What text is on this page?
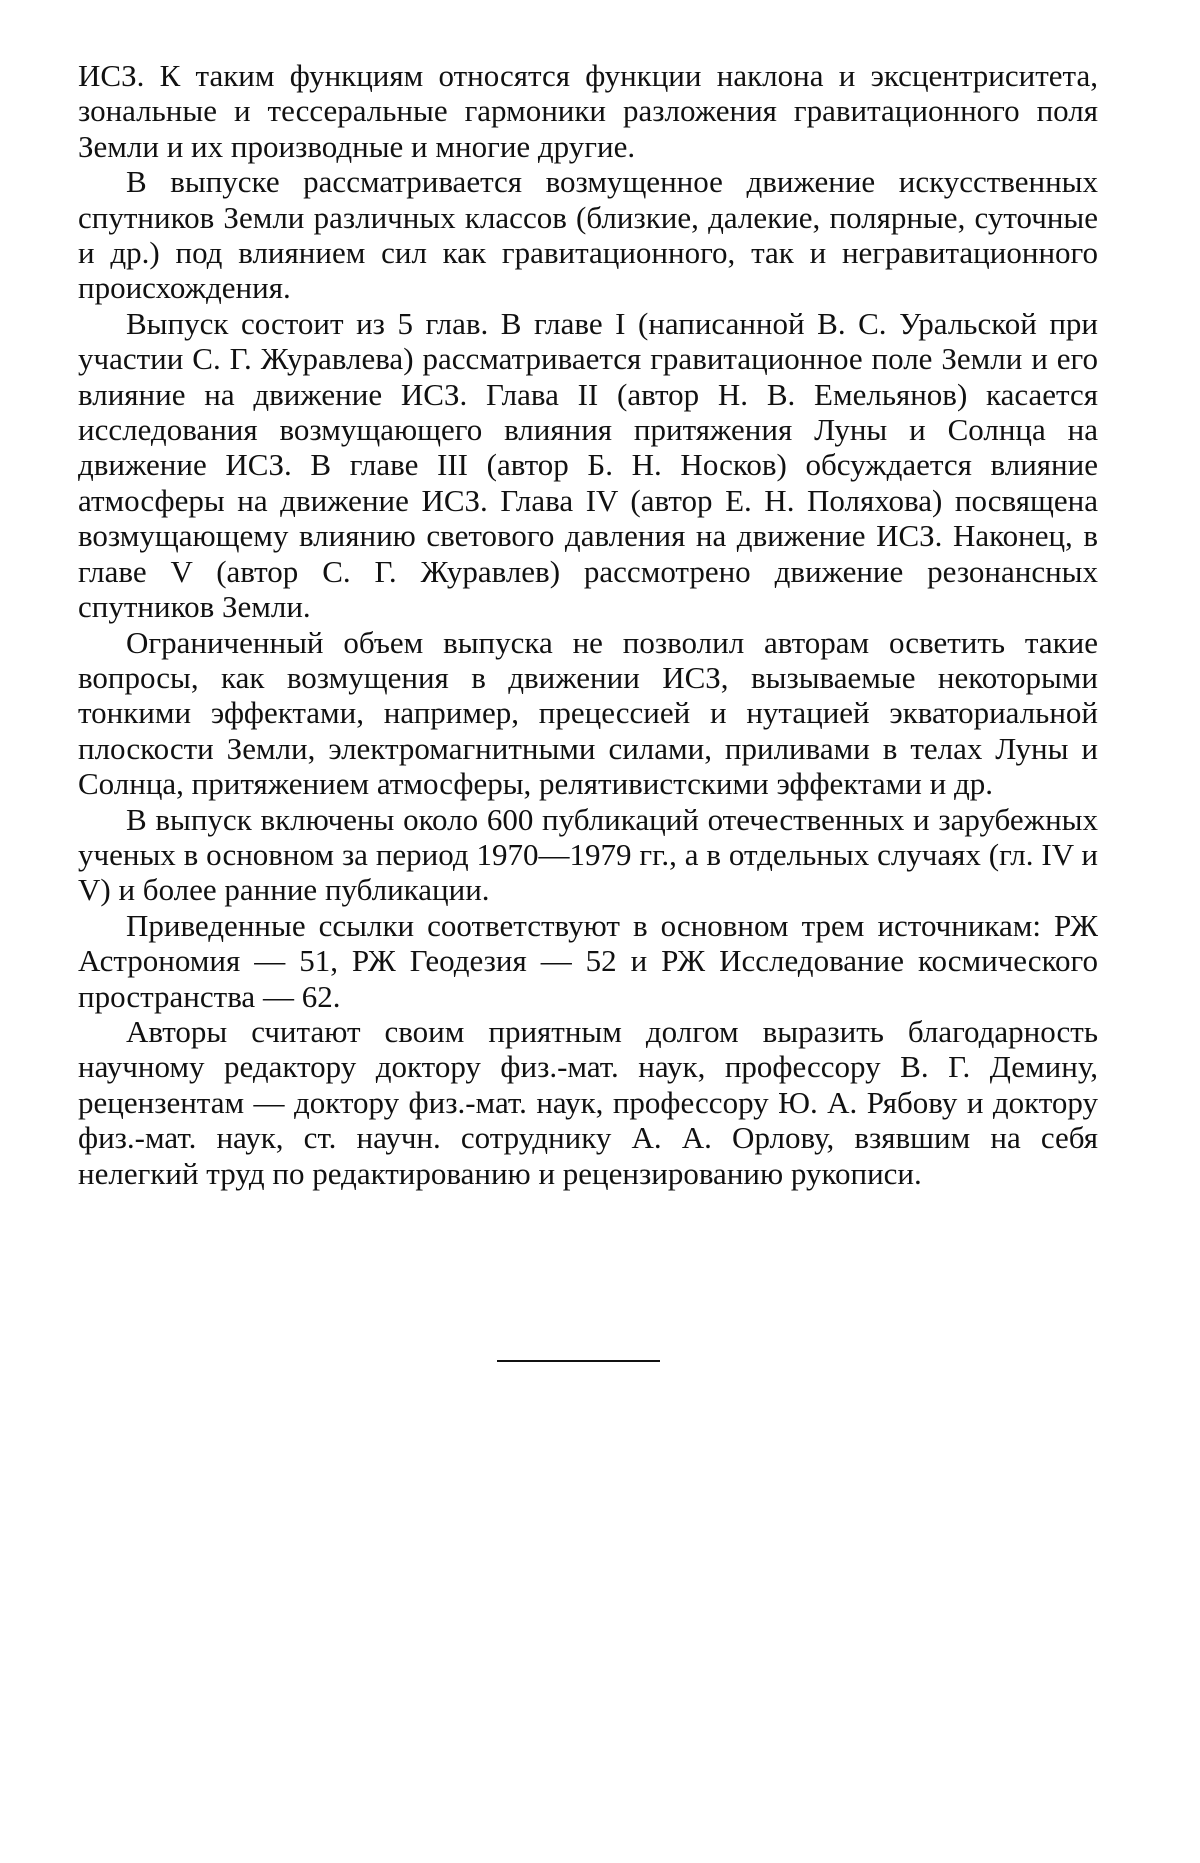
ИСЗ. К таким функциям относятся функции наклона и эксцентриситета, зональные и тессеральные гармоники разложения гравитационного поля Земли и их производные и многие другие.

В выпуске рассматривается возмущенное движение искусственных спутников Земли различных классов (близкие, далекие, полярные, суточные и др.) под влиянием сил как гравитационного, так и негравитационного происхождения.

Выпуск состоит из 5 глав. В главе I (написанной В. С. Уральской при участии С. Г. Журавлева) рассматривается гравитационное поле Земли и его влияние на движение ИСЗ. Глава II (автор Н. В. Емельянов) касается исследования возмущающего влияния притяжения Луны и Солнца на движение ИСЗ. В главе III (автор Б. Н. Носков) обсуждается влияние атмосферы на движение ИСЗ. Глава IV (автор Е. Н. Поляхова) посвящена возмущающему влиянию светового давления на движение ИСЗ. Наконец, в главе V (автор С. Г. Журавлев) рассмотрено движение резонансных спутников Земли.

Ограниченный объем выпуска не позволил авторам осветить такие вопросы, как возмущения в движении ИСЗ, вызываемые некоторыми тонкими эффектами, например, прецессией и нутацией экваториальной плоскости Земли, электромагнитными силами, приливами в телах Луны и Солнца, притяжением атмосферы, релятивистскими эффектами и др.

В выпуск включены около 600 публикаций отечественных и зарубежных ученых в основном за период 1970—1979 гг., а в отдельных случаях (гл. IV и V) и более ранние публикации.

Приведенные ссылки соответствуют в основном трем источникам: РЖ Астрономия — 51, РЖ Геодезия — 52 и РЖ Исследование космического пространства — 62.

Авторы считают своим приятным долгом выразить благодарность научному редактору доктору физ.-мат. наук, профессору В. Г. Демину, рецензентам — доктору физ.-мат. наук, профессору Ю. А. Рябову и доктору физ.-мат. наук, ст. научн. сотруднику А. А. Орлову, взявшим на себя нелегкий труд по редактированию и рецензированию рукописи.
